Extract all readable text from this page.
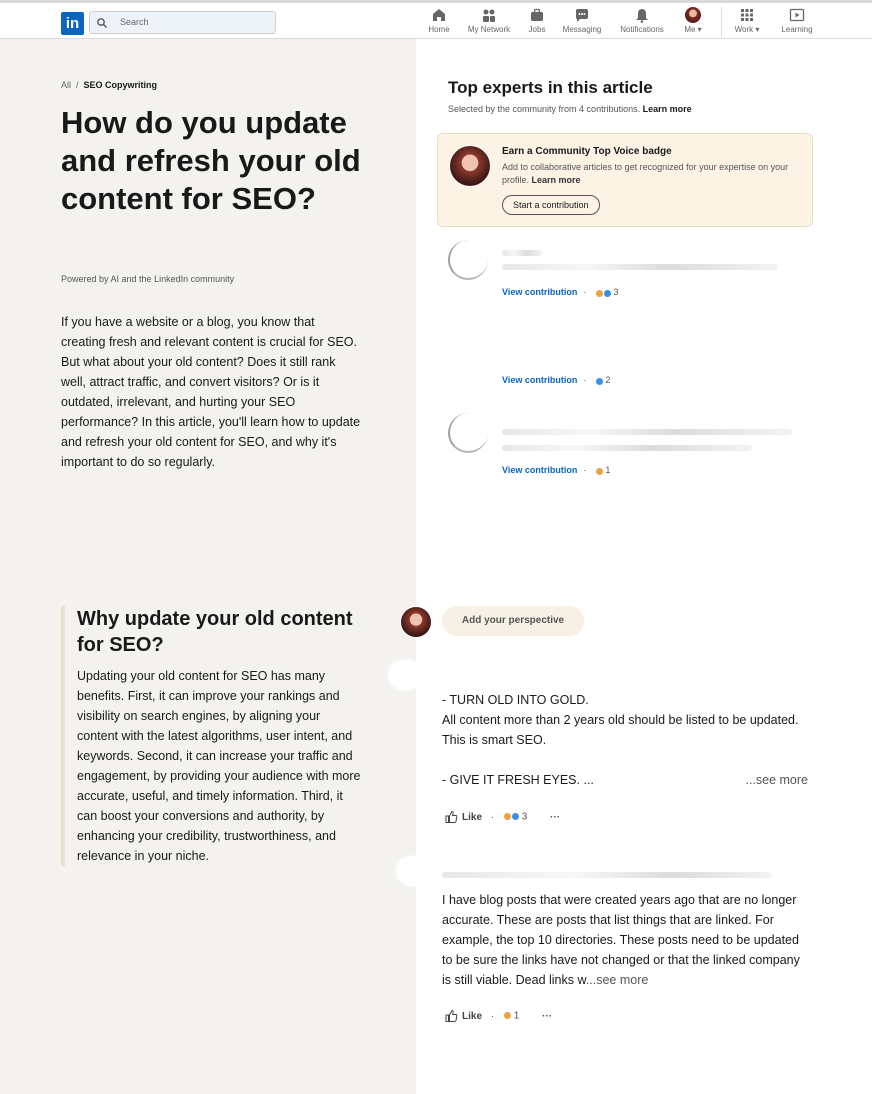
in	Search
Home My Network Jobs Messaging	Notifications	Me ▾	Work ▾	Learning
All / SEO Copywriting
How do you update and refresh your old content for SEO?
Powered by AI and the LinkedIn community

If you have a website or a blog, you know that creating fresh and relevant content is crucial for SEO. But what about your old content? Does it still rank well, attract traffic, and convert visitors? Or is it outdated, irrelevant, and hurting your SEO performance? In this article, you'll learn how to update and refresh your old content for SEO, and why it's important to do so regularly.

Why update your old content for SEO?

Updating your old content for SEO has many benefits. First, it can improve your rankings and visibility on search engines, by aligning your content with the latest algorithms, user intent, and keywords. Second, it can increase your traffic and engagement, by providing your audience with more accurate, useful, and timely information. Third, it can boost your conversions and authority, by enhancing your credibility, trustworthiness, and relevance in your niche.

Top experts in this article
Selected by the community from 4 contributions. Learn more
Earn a Community Top Voice badge
Add to collaborative articles to get recognized for your expertise on your profile. Learn more
Start a contribution
View contribution ·	3
View contribution · 2
View contribution · 1
Add your perspective
- TURN OLD INTO GOLD.
All content more than 2 years old should be listed to be updated. This is smart SEO.
- GIVE IT FRESH EYES. ...	...see more
Like ·	3 ···
I have blog posts that were created years ago that are no longer accurate. These are posts that list things that are linked. For example, the top 10 directories. These posts need to be updated to be sure the links have not changed or that the linked company is still viable. Dead links w...see more
Like · 1 ···
